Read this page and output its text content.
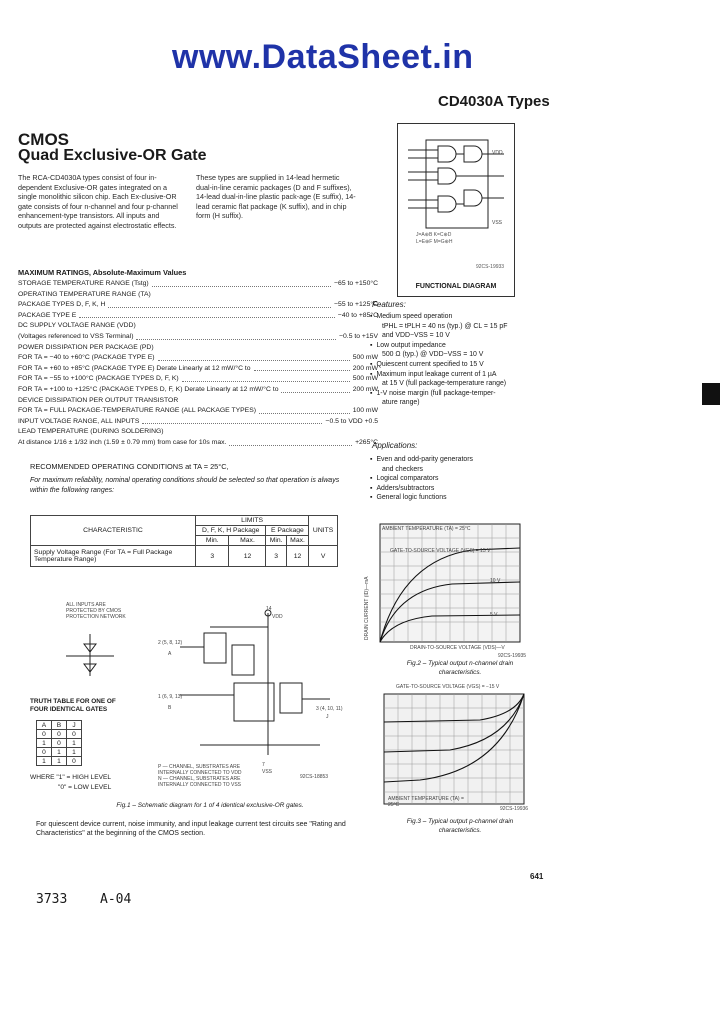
www.DataSheet.in
CD4030A Types
CMOS
Quad Exclusive-OR Gate
The RCA-CD4030A types consist of four in-dependent Exclusive-OR gates integrated on a single monolithic silicon chip. Each Ex-clusive-OR gate consists of four n-channel and four p-channel enhancement-type transistors. All inputs and outputs are protected against electrostatic effects.
These types are supplied in 14-lead hermetic dual-in-line ceramic packages (D and F suffixes), 14-lead dual-in-line plastic pack-age (E suffix), 14-lead ceramic flat package (K suffix), and in chip form (H suffix).
VDD
VSS
J=A⊕B K=C⊕D
L=E⊕F M=G⊕H
92CS-19933
FUNCTIONAL DIAGRAM
MAXIMUM RATINGS, Absolute-Maximum Values
STORAGE TEMPERATURE RANGE (Tstg)	−65 to +150°C
OPERATING TEMPERATURE RANGE (TA)
PACKAGE TYPES D, F, K, H	−55 to +125°C
PACKAGE TYPE E	−40 to +85°C
DC SUPPLY VOLTAGE RANGE (VDD)
(Voltages referenced to VSS Terminal)	−0.5 to +15V
POWER DISSIPATION PER PACKAGE (PD)
FOR TA = −40 to +60°C (PACKAGE TYPE E)	500 mW
FOR TA = +60 to +85°C (PACKAGE TYPE E) Derate Linearly at 12 mW/°C to	200 mW
FOR TA = −55 to +100°C (PACKAGE TYPES D, F, K)	500 mW
FOR TA = +100 to +125°C (PACKAGE TYPES D, F, K) Derate Linearly at 12 mW/°C to	200 mW
DEVICE DISSIPATION PER OUTPUT TRANSISTOR
FOR TA = FULL PACKAGE-TEMPERATURE RANGE (ALL PACKAGE TYPES)	100 mW
INPUT VOLTAGE RANGE, ALL INPUTS	−0.5 to VDD +0.5
LEAD TEMPERATURE (DURING SOLDERING)
At distance 1/16 ± 1/32 inch (1.59 ± 0.79 mm) from case for 10s max.	+265°C
Features:
▪ Medium speed operation
tPHL = tPLH = 40 ns (typ.) @ CL = 15 pF
and VDD−VSS = 10 V
▪ Low output impedance
500 Ω (typ.) @ VDD−VSS = 10 V
▪ Quiescent current specified to 15 V
▪ Maximum input leakage current of 1 µA
at 15 V (full package-temperature range)
▪ 1-V noise margin (full package-temper-
ature range)
Applications:
▪ Even and odd-parity generators
and checkers
▪ Logical comparators
▪ Adders/subtractors
▪ General logic functions
RECOMMENDED OPERATING CONDITIONS at TA = 25°C,
For maximum reliability, nominal operating conditions should be selected so that operation is always within the following ranges:
CHARACTERISTIC	LIMITS				UNITS
	D, F, K, H Package		E Package		
	Min.	Max.	Min.	Max.	
Supply Voltage Range (For TA = Full Package Temperature Range)	3	12	3	12	V
ALL INPUTS ARE PROTECTED BY CMOS PROTECTION NETWORK
TRUTH TABLE FOR ONE OF FOUR IDENTICAL GATES
A	B	J
0	0	0
1	0	1
0	1	1
1	1	0
WHERE "1" = HIGH LEVEL
"0" = LOW LEVEL
14
VDD
2 (5, 8, 12)
A
1 (6, 9, 13)
B	3 (4, 10, 11)
J
7
VSS
P — CHANNEL, SUBSTRATES ARE INTERNALLY CONNECTED TO VDD
N — CHANNEL, SUBSTRATES ARE INTERNALLY CONNECTED TO VSS
92CS-18853
Fig.1 – Schematic diagram for 1 of 4 identical exclusive-OR gates.
AMBIENT TEMPERATURE (TA) = 25°C
GATE-TO-SOURCE VOLTAGE (VGS) = 15 V
10 V
5 V
DRAIN-TO-SOURCE VOLTAGE (VDS)—V
DRAIN CURRENT (ID)—mA
92CS-19935
Fig.2 – Typical output n-channel drain characteristics.
GATE-TO-SOURCE VOLTAGE (VGS) = −15 V
AMBIENT TEMPERATURE (TA) = 25°C
92CS-19936
Fig.3 – Typical output p-channel drain characteristics.
For quiescent device current, noise immunity, and input leakage current test circuits see "Rating and Characteristics" at the beginning of the CMOS section.
641
3733	A-04
